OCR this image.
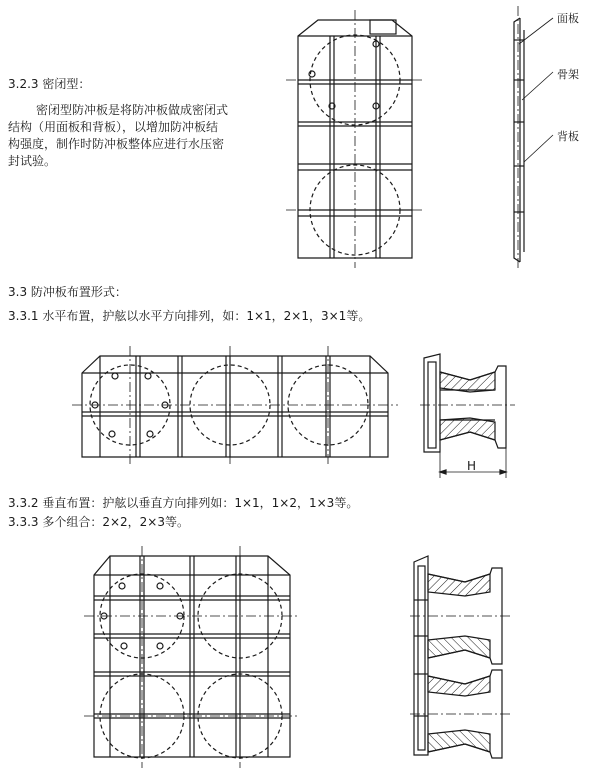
3.2.3 密闭型：
密闭型防冲板是将防冲板做成密闭式结构（用面板和背板），以增加防冲板结构强度，制作时防冲板整体应进行水压密封试验。
面板
骨架
背板
3.3 防冲板布置形式：
3.3.1 水平布置，护舷以水平方向排列，如：1×1，2×1，3×1等。
3.3.2 垂直布置：护舷以垂直方向排列如：1×1，1×2，1×3等。
3.3.3 多个组合：2×2，2×3等。
H
